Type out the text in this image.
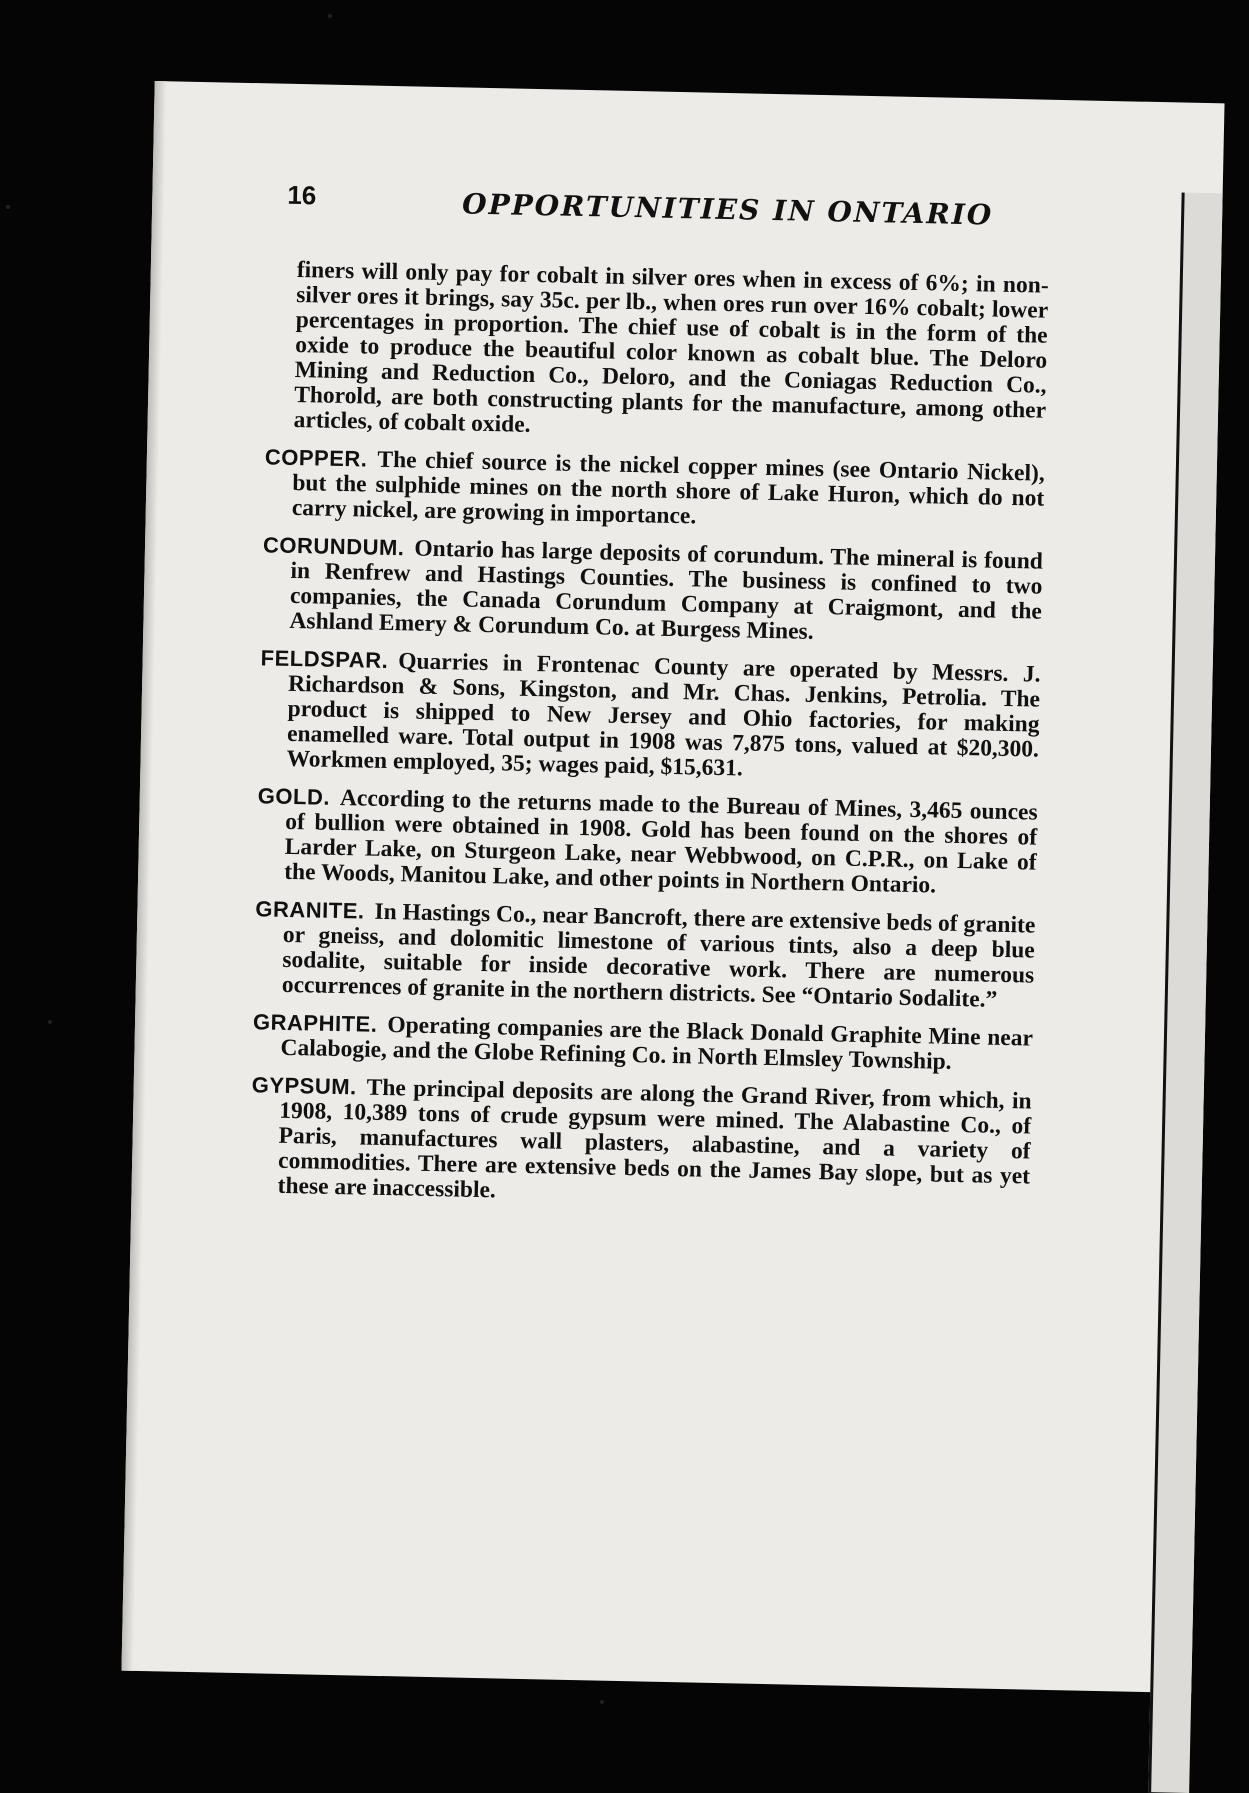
16	OPPORTUNITIES IN ONTARIO

finers will only pay for cobalt in silver ores when in excess of 6%; in non-silver ores it brings, say 35c. per lb., when ores run over 16% cobalt; lower percentages in proportion. The chief use of cobalt is in the form of the oxide to produce the beautiful color known as cobalt blue. The Deloro Mining and Reduction Co., Deloro, and the Coniagas Reduction Co., Thorold, are both constructing plants for the manufacture, among other articles, of cobalt oxide.

COPPER. The chief source is the nickel copper mines (see Ontario Nickel), but the sulphide mines on the north shore of Lake Huron, which do not carry nickel, are growing in importance.

CORUNDUM. Ontario has large deposits of corundum. The mineral is found in Renfrew and Hastings Counties. The business is confined to two companies, the Canada Corundum Company at Craigmont, and the Ashland Emery & Corundum Co. at Burgess Mines.

FELDSPAR. Quarries in Frontenac County are operated by Messrs. J. Richardson & Sons, Kingston, and Mr. Chas. Jenkins, Petrolia. The product is shipped to New Jersey and Ohio factories, for making enamelled ware. Total output in 1908 was 7,875 tons, valued at $20,300. Workmen employed, 35; wages paid, $15,631.

GOLD. According to the returns made to the Bureau of Mines, 3,465 ounces of bullion were obtained in 1908. Gold has been found on the shores of Larder Lake, on Sturgeon Lake, near Webbwood, on C.P.R., on Lake of the Woods, Manitou Lake, and other points in Northern Ontario.

GRANITE. In Hastings Co., near Bancroft, there are extensive beds of granite or gneiss, and dolomitic limestone of various tints, also a deep blue sodalite, suitable for inside decorative work. There are numerous occurrences of granite in the northern districts. See “Ontario Sodalite.”

GRAPHITE. Operating companies are the Black Donald Graphite Mine near Calabogie, and the Globe Refining Co. in North Elmsley Township.

GYPSUM. The principal deposits are along the Grand River, from which, in 1908, 10,389 tons of crude gypsum were mined. The Alabastine Co., of Paris, manufactures wall plasters, alabastine, and a variety of commodities. There are extensive beds on the James Bay slope, but as yet these are inaccessible.
